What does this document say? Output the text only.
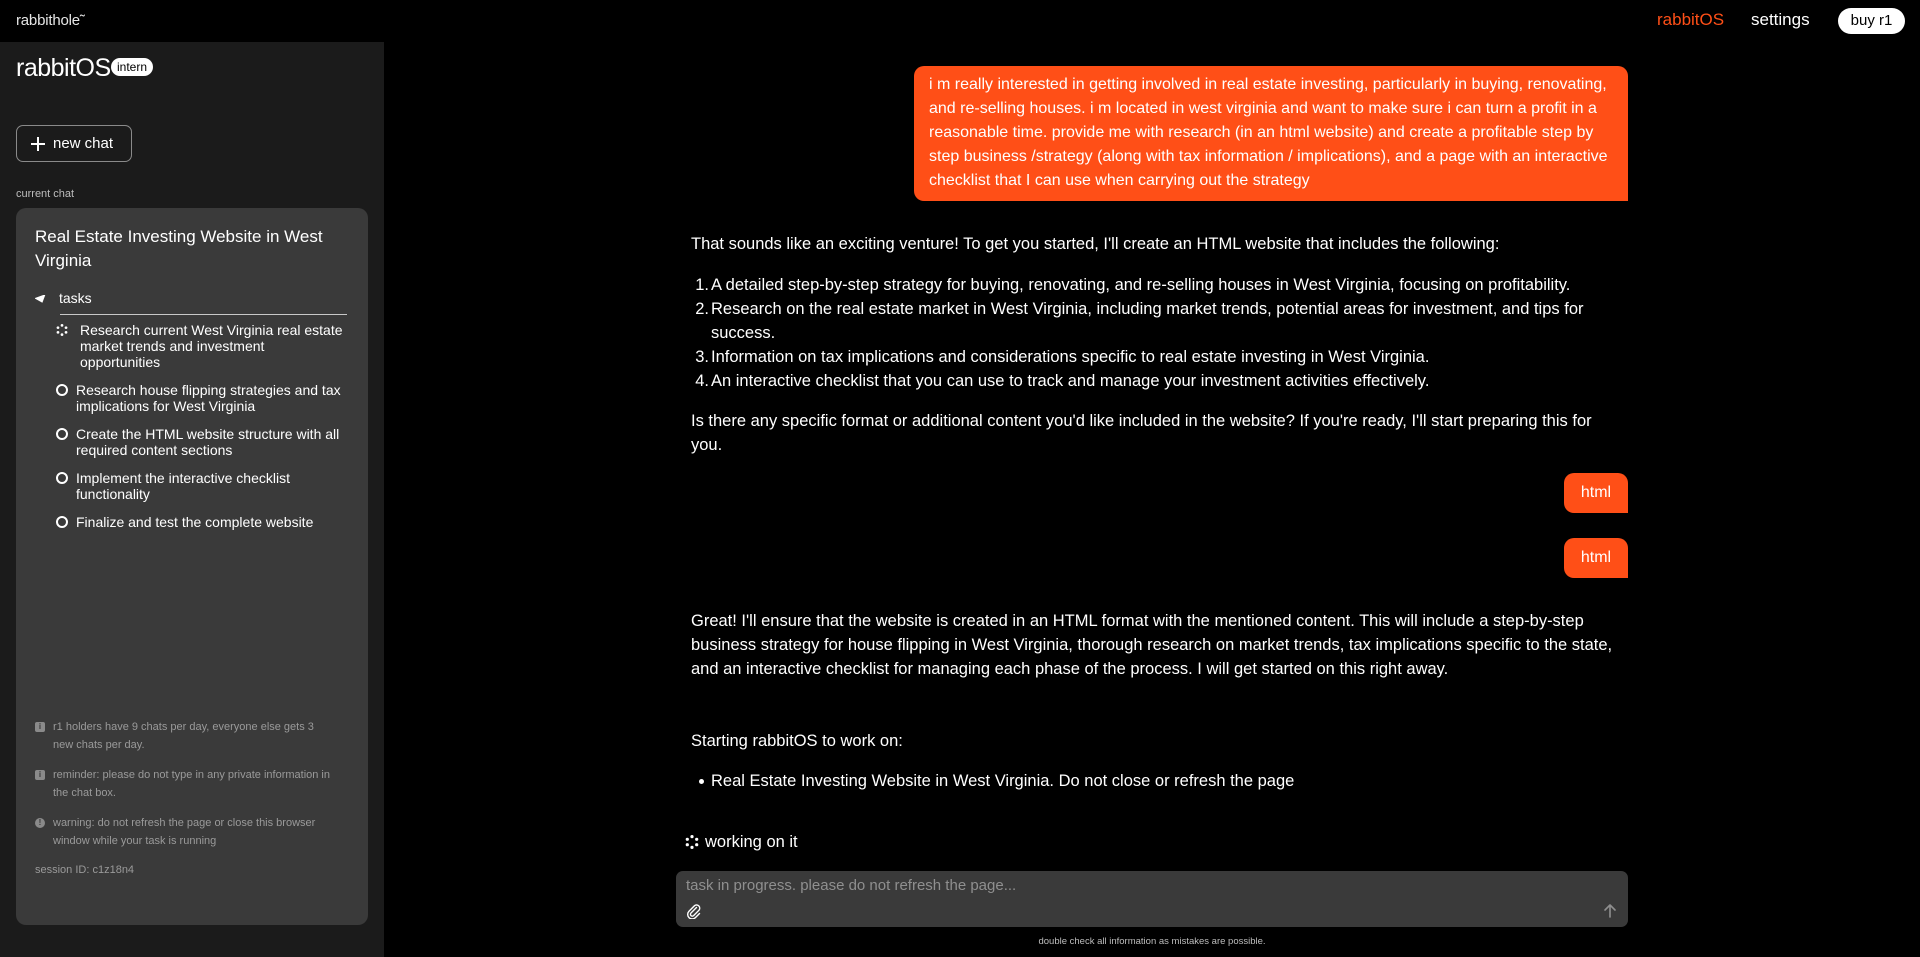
rabbithole˜	rabbitOS settings	buy r1
rabbitOS intern
new chat
current chat
Real Estate Investing Website in West Virginia
tasks
Research current West Virginia real estate market trends and investment opportunities
Research house flipping strategies and tax implications for West Virginia
Create the HTML website structure with all required content sections
Implement the interactive checklist functionality
Finalize and test the complete website
i	r1 holders have 9 chats per day, everyone else gets 3 new chats per day.
i	reminder: please do not type in any private information in the chat box.
!	warning: do not refresh the page or close this browser window while your task is running
session ID: c1z18n4
i m really interested in getting involved in real estate investing, particularly in buying, renovating, and re-selling houses. i m located in west virginia and want to make sure i can turn a profit in a reasonable time. provide me with research (in an html website) and create a profitable step by step business /strategy (along with tax information / implications), and a page with an interactive checklist that I can use when carrying out the strategy
That sounds like an exciting venture! To get you started, I'll create an HTML website that includes the following:
1. A detailed step-by-step strategy for buying, renovating, and re-selling houses in West Virginia, focusing on profitability.
2. Research on the real estate market in West Virginia, including market trends, potential areas for investment, and tips for success.
3. Information on tax implications and considerations specific to real estate investing in West Virginia.
4. An interactive checklist that you can use to track and manage your investment activities effectively.
Is there any specific format or additional content you'd like included in the website? If you're ready, I'll start preparing this for you.
html
html
Great! I'll ensure that the website is created in an HTML format with the mentioned content. This will include a step-by-step business strategy for house flipping in West Virginia, thorough research on market trends, tax implications specific to the state, and an interactive checklist for managing each phase of the process. I will get started on this right away.
Starting rabbitOS to work on:
Real Estate Investing Website in West Virginia. Do not close or refresh the page
working on it
task in progress. please do not refresh the page...
double check all information as mistakes are possible.
